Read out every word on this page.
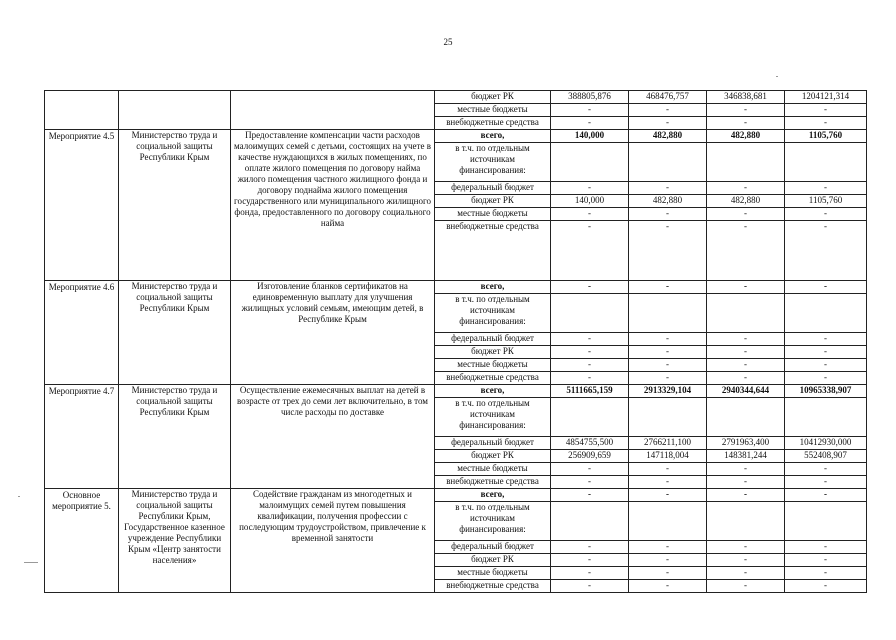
25
			бюджет РК	388805,876	468476,757	346838,681	1204121,314
			местные бюджеты	-	-	-	-
			внебюджетные средства	-	-	-	-
Мероприятие 4.5	Министерство труда и социальной защиты Республики Крым	Предоставление компенсации части расходов малоимущих семей с детьми, состоящих на учете в качестве нуждающихся в жилых помещениях, по оплате жилого помещения по договору найма жилого помещения частного жилищного фонда и договору поднайма жилого помещения государственного или муниципального жилищного фонда, предоставленного по договору социального найма	всего,	140,000	482,880	482,880	1105,760
			в т.ч. по отдельным источникам финансирования:				
			федеральный бюджет	-	-	-	-
			бюджет РК	140,000	482,880	482,880	1105,760
			местные бюджеты	-	-	-	-
			внебюджетные средства	-	-	-	-
Мероприятие 4.6	Министерство труда и социальной защиты Республики Крым	Изготовление бланков сертификатов на единовременную выплату для улучшения жилищных условий семьям, имеющим детей, в Республике Крым	всего,	-	-	-	-
			в т.ч. по отдельным источникам финансирования:				
			федеральный бюджет	-	-	-	-
			бюджет РК	-	-	-	-
			местные бюджеты	-	-	-	-
			внебюджетные средства	-	-	-	-
Мероприятие 4.7	Министерство труда и социальной защиты Республики Крым	Осуществление ежемесячных выплат на детей в возрасте от трех до семи лет включительно, в том числе расходы по доставке	всего,	5111665,159	2913329,104	2940344,644	10965338,907
			в т.ч. по отдельным источникам финансирования:				
			федеральный бюджет	4854755,500	2766211,100	2791963,400	10412930,000
			бюджет РК	256909,659	147118,004	148381,244	552408,907
			местные бюджеты	-	-	-	-
			внебюджетные средства	-	-	-	-
Основное мероприятие 5.	Министерство труда и социальной защиты Республики Крым, Государственное казенное учреждение Республики Крым «Центр занятости населения»	Содействие гражданам из многодетных и малоимущих семей путем повышения квалификации, получения профессии с последующим трудоустройством, привлечение к временной занятости	всего,	-	-	-	-
			в т.ч. по отдельным источникам финансирования:				
			федеральный бюджет	-	-	-	-
			бюджет РК	-	-	-	-
			местные бюджеты	-	-	-	-
			внебюджетные средства	-	-	-	-
